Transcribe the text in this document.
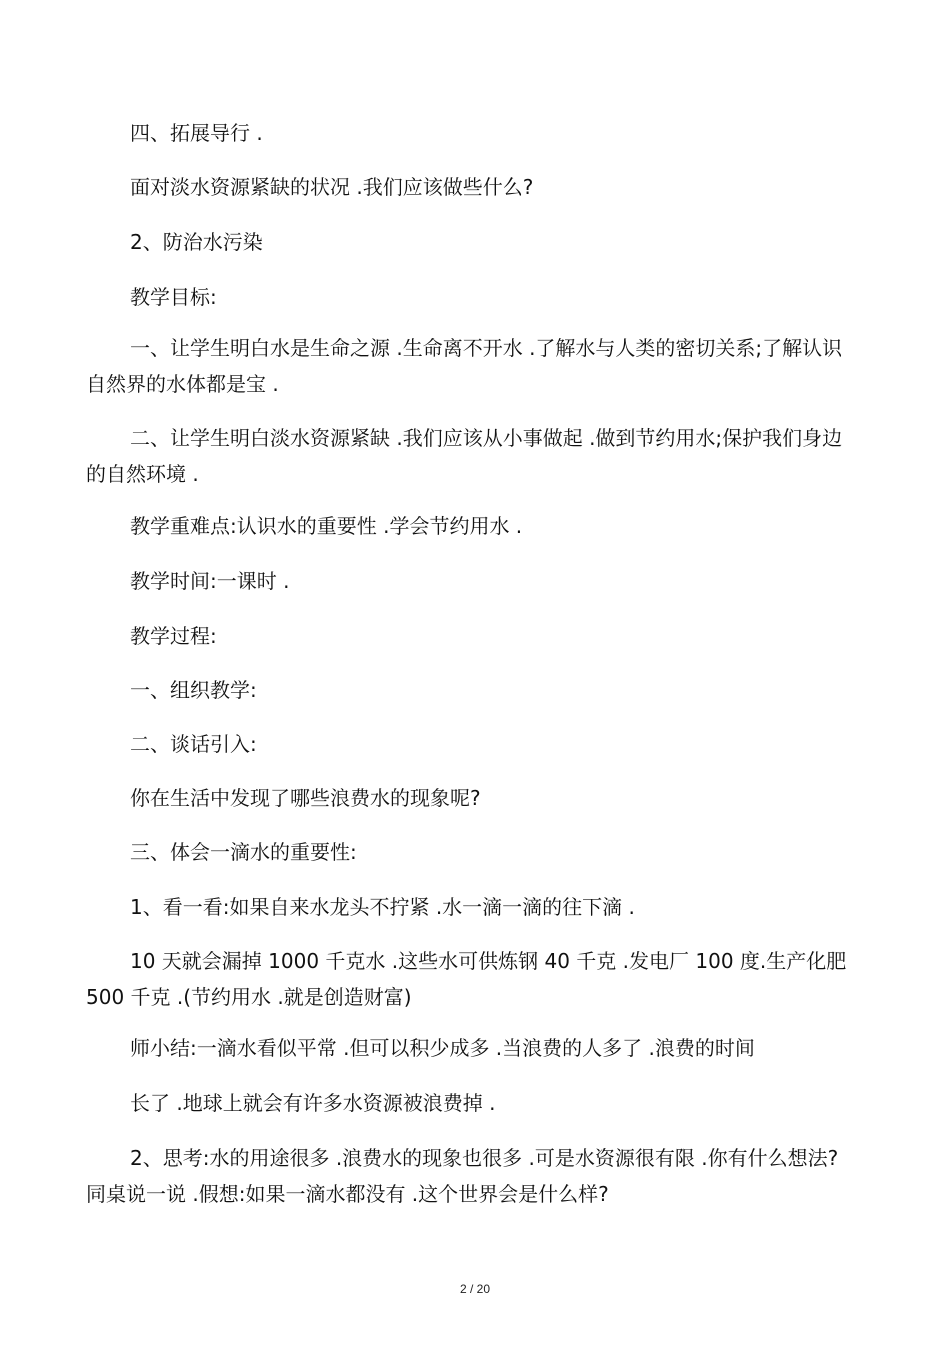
四、拓展导行 .

面对淡水资源紧缺的状况 .我们应该做些什么?

2、防治水污染

教学目标:

一、让学生明白水是生命之源 .生命离不开水 .了解水与人类的密切关系;了解认识自然界的水体都是宝 .

二、让学生明白淡水资源紧缺 .我们应该从小事做起 .做到节约用水;保护我们身边的自然环境 .

教学重难点:认识水的重要性 .学会节约用水 .

教学时间:一课时 .

教学过程:

一、组织教学:

二、谈话引入:

你在生活中发现了哪些浪费水的现象呢?

三、体会一滴水的重要性:

1、看一看:如果自来水龙头不拧紧 .水一滴一滴的往下滴 .

10 天就会漏掉 1000 千克水 .这些水可供炼钢 40 千克 .发电厂 100 度.生产化肥 500 千克 .(节约用水 .就是创造财富)

师小结:一滴水看似平常 .但可以积少成多 .当浪费的人多了 .浪费的时间

长了 .地球上就会有许多水资源被浪费掉 .

2、思考:水的用途很多 .浪费水的现象也很多 .可是水资源很有限 .你有什么想法?同桌说一说 .假想:如果一滴水都没有 .这个世界会是什么样?

2 / 20
